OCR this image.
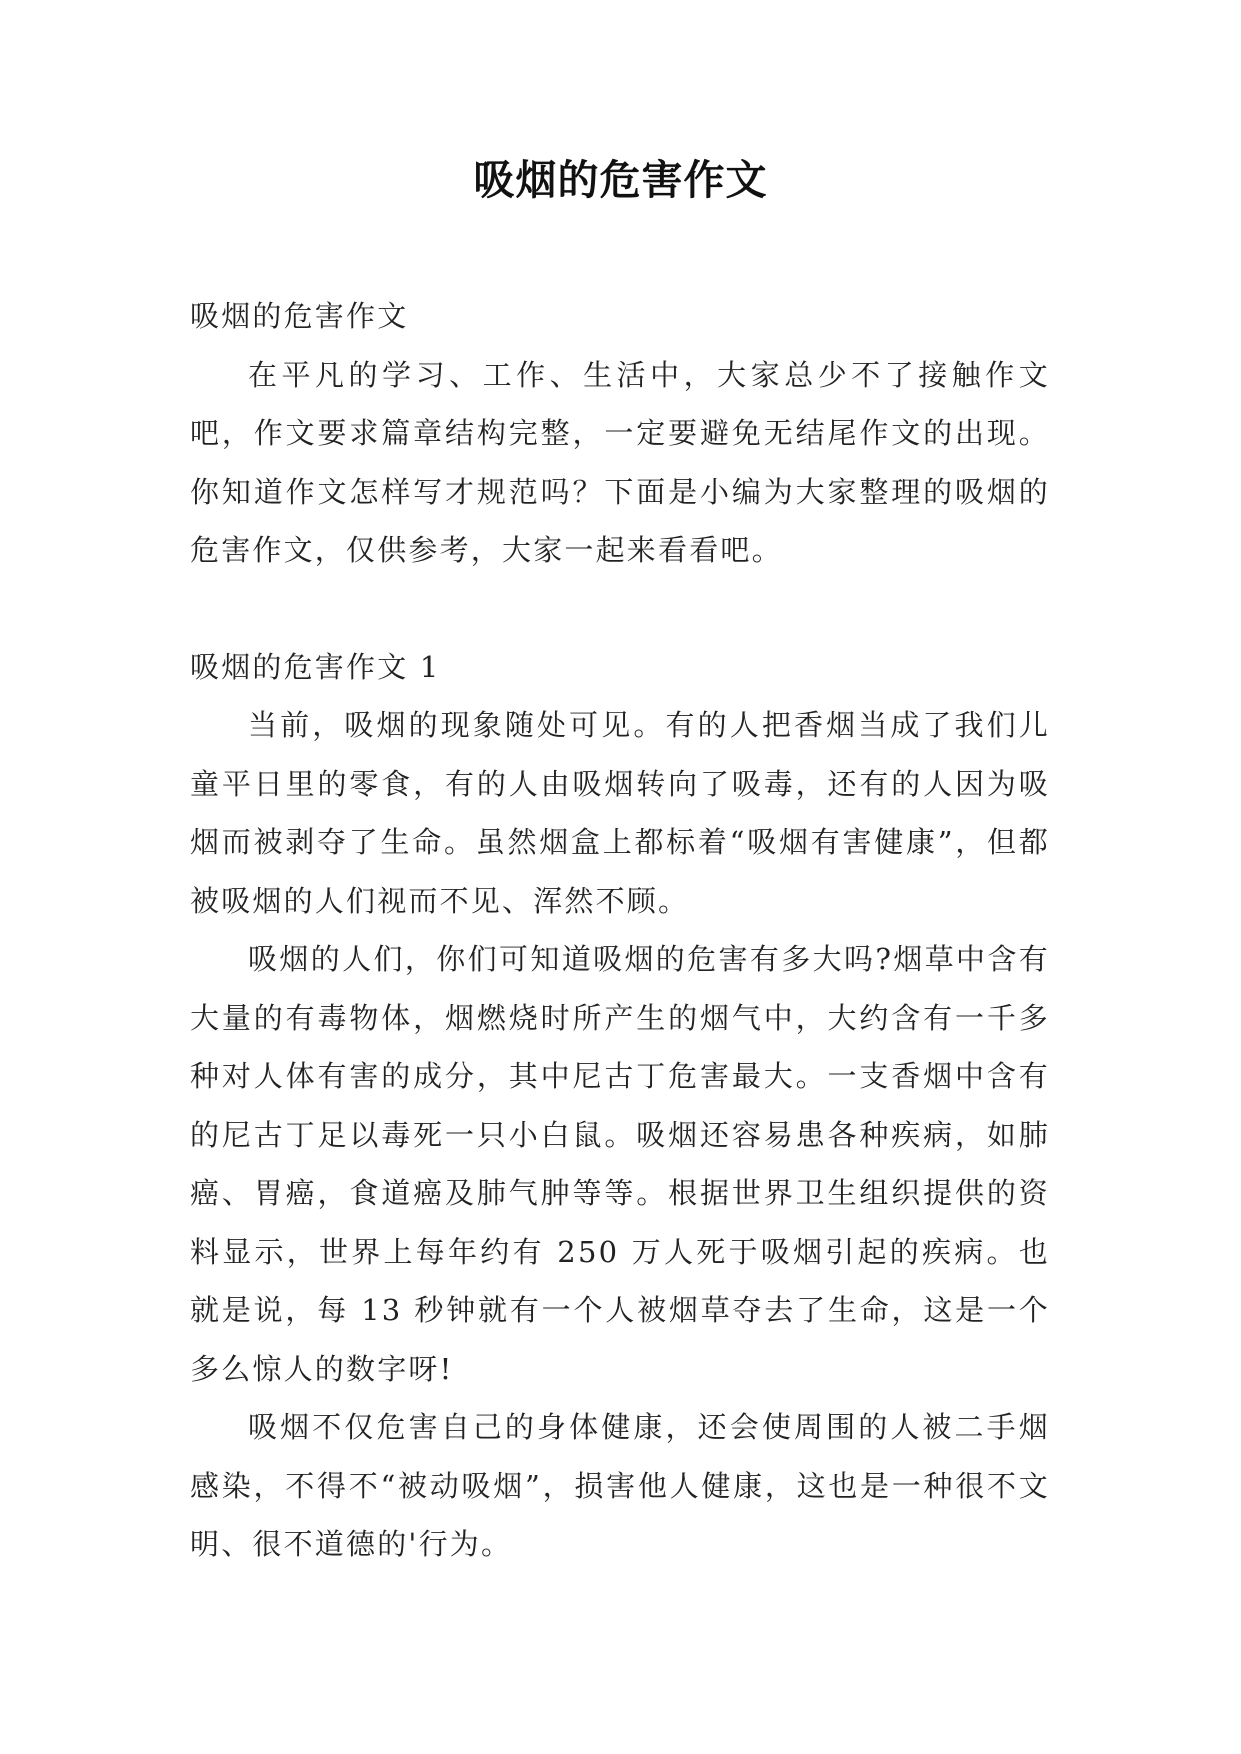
吸烟的危害作文

吸烟的危害作文

在平凡的学习、工作、生活中，大家总少不了接触作文吧，作文要求篇章结构完整，一定要避免无结尾作文的出现。你知道作文怎样写才规范吗？下面是小编为大家整理的吸烟的危害作文，仅供参考，大家一起来看看吧。

吸烟的危害作文 1

当前，吸烟的现象随处可见。有的人把香烟当成了我们儿童平日里的零食，有的人由吸烟转向了吸毒，还有的人因为吸烟而被剥夺了生命。虽然烟盒上都标着“吸烟有害健康”，但都被吸烟的人们视而不见、浑然不顾。

吸烟的人们，你们可知道吸烟的危害有多大吗?烟草中含有大量的有毒物体，烟燃烧时所产生的烟气中，大约含有一千多种对人体有害的成分，其中尼古丁危害最大。一支香烟中含有的尼古丁足以毒死一只小白鼠。吸烟还容易患各种疾病，如肺癌、胃癌，食道癌及肺气肿等等。根据世界卫生组织提供的资料显示，世界上每年约有 250 万人死于吸烟引起的疾病。也就是说，每 13 秒钟就有一个人被烟草夺去了生命，这是一个多么惊人的数字呀!

吸烟不仅危害自己的身体健康，还会使周围的人被二手烟感染，不得不“被动吸烟”，损害他人健康，这也是一种很不文明、很不道德的'行为。
